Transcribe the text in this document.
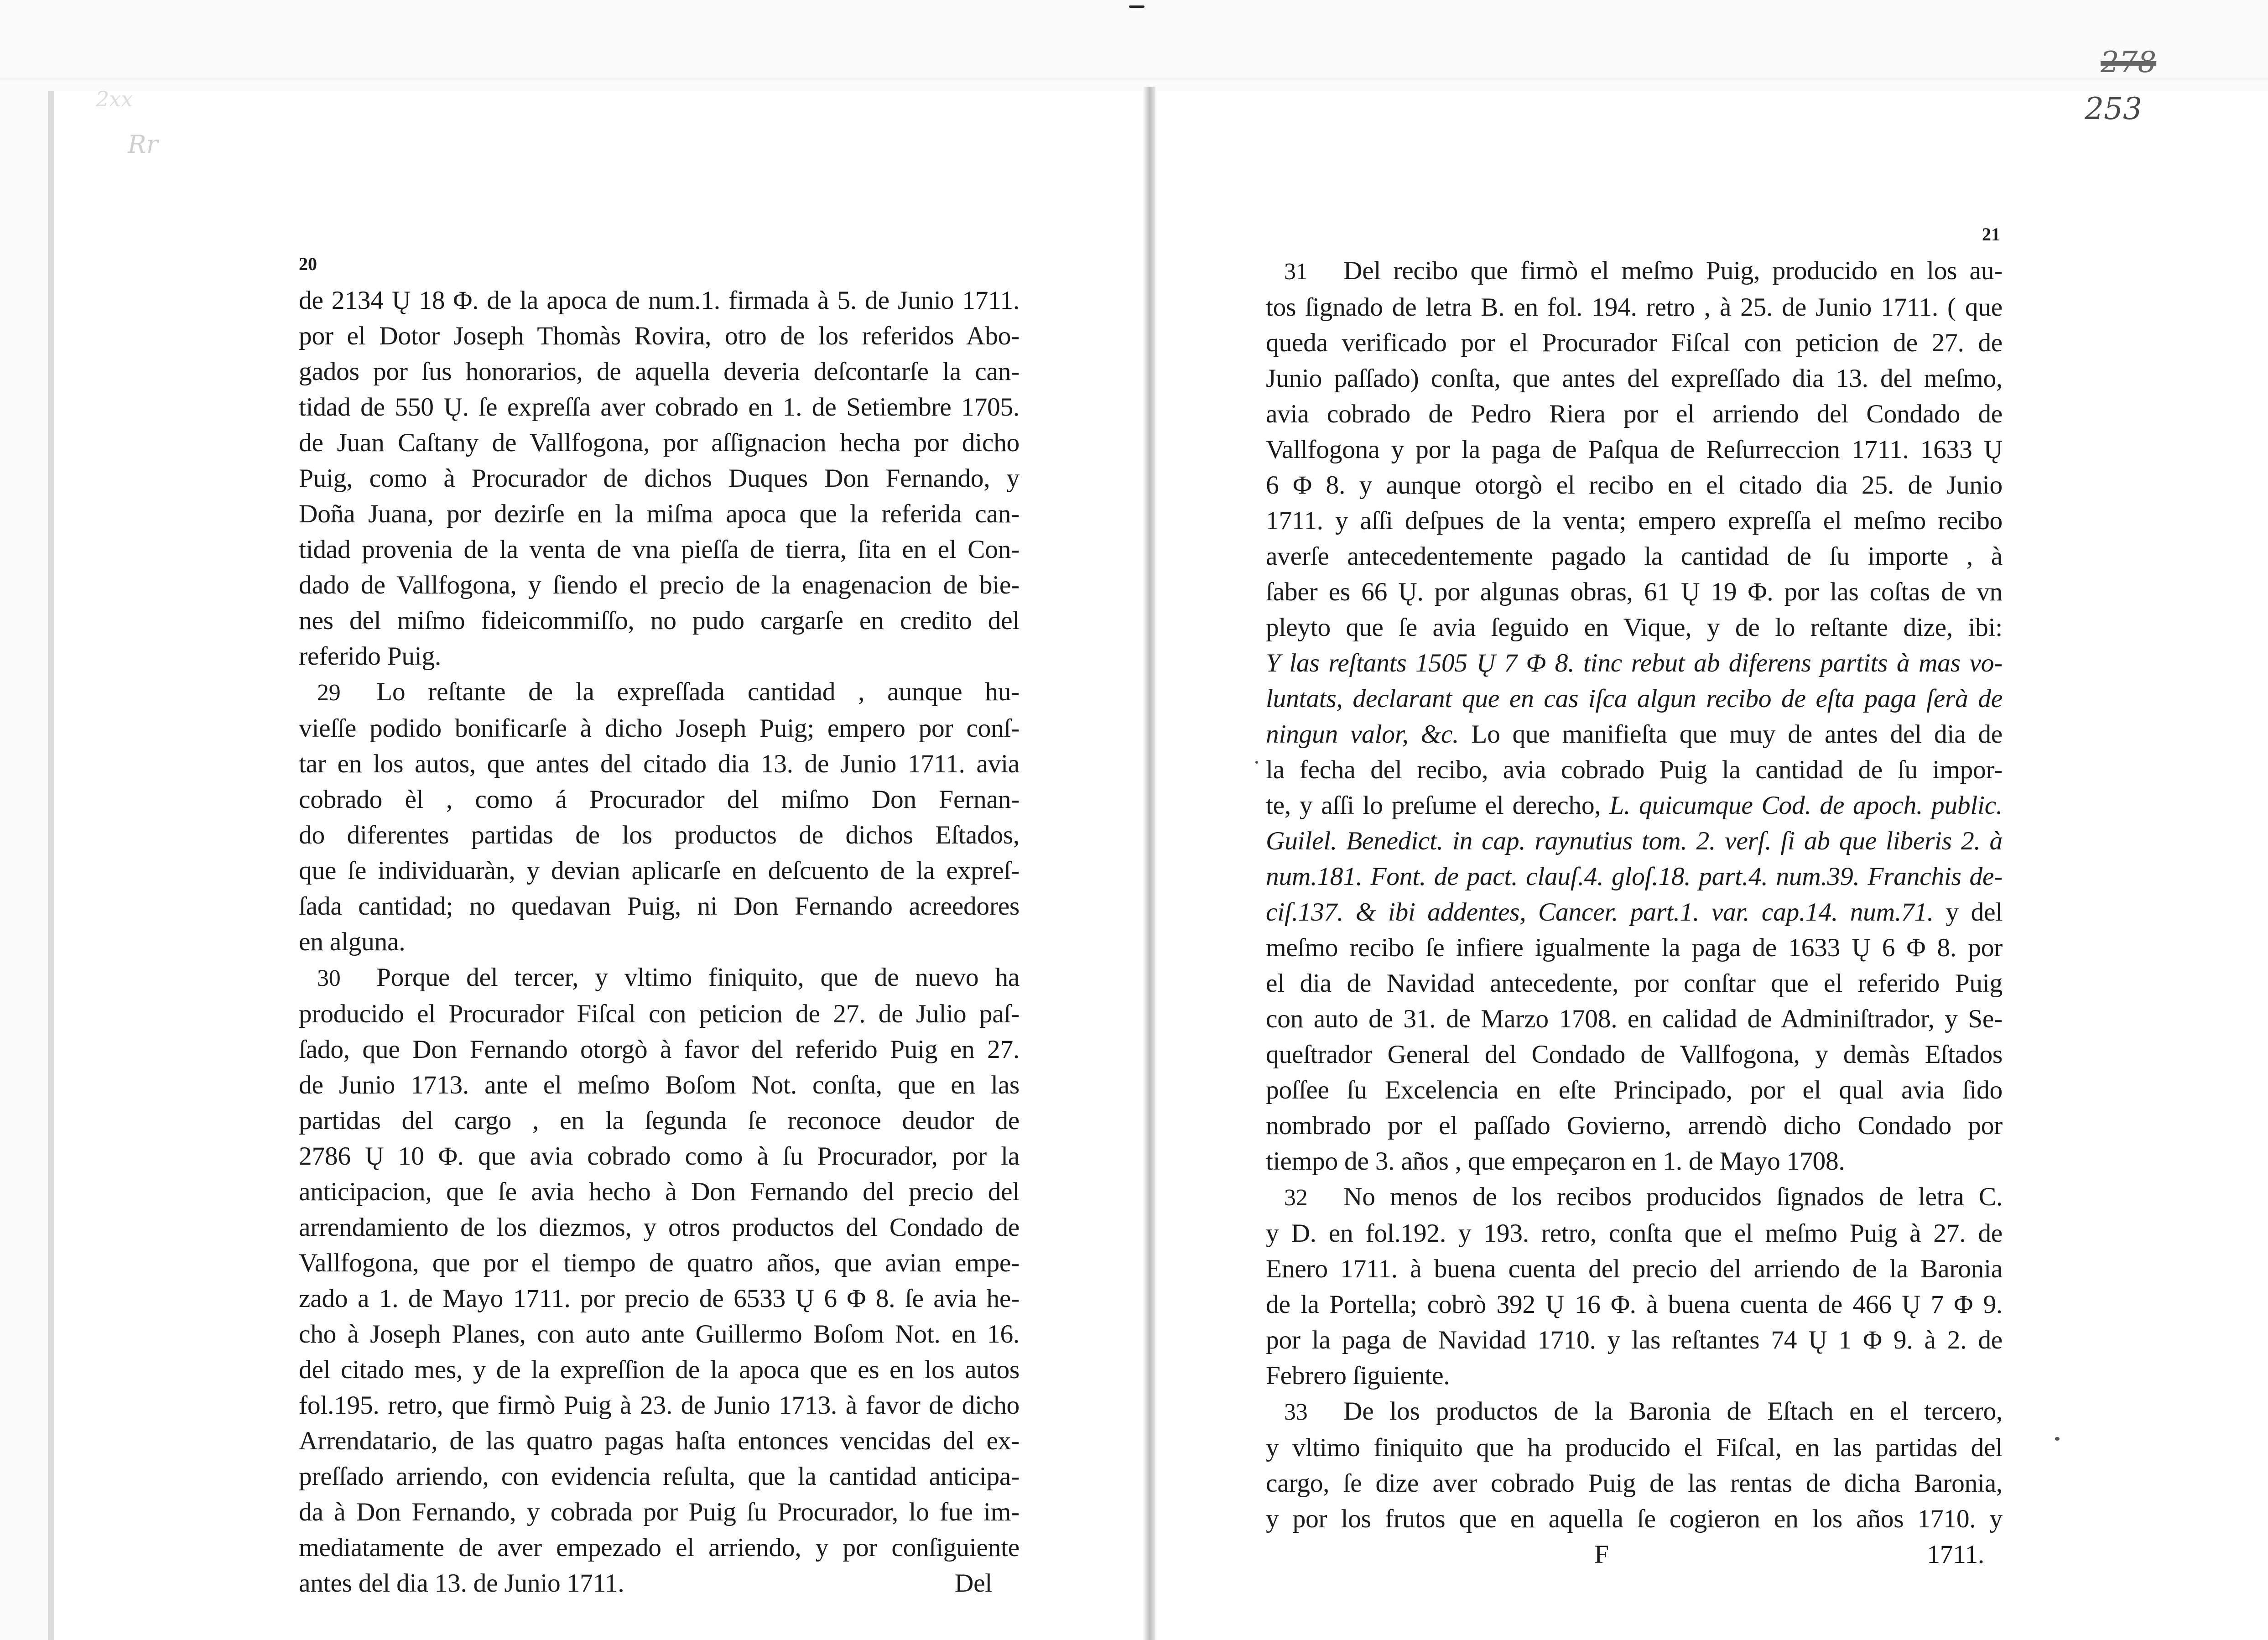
2xx
Rr
278
253
20
21
de 2134 Ų 18 Φ. de la apoca de num.1. firmada à 5. de Junio 1711.
por el Dotor Joseph Thomàs Rovira, otro de los referidos Abo-
gados por ſus honorarios, de aquella deveria deſcontarſe la can-
tidad de 550 Ų. ſe expreſſa aver cobrado en 1. de Setiembre 1705.
de Juan Caſtany de Vallfogona, por aſſignacion hecha por dicho
Puig, como à Procurador de dichos Duques Don Fernando, y
Doña Juana, por dezirſe en la miſma apoca que la referida can-
tidad provenia de la venta de vna pieſſa de tierra, ſita en el Con-
dado de Vallfogona, y ſiendo el precio de la enagenacion de bie-
nes del miſmo fideicommiſſo, no pudo cargarſe en credito del
referido Puig.
29 Lo reſtante de la expreſſada cantidad , aunque hu-
vieſſe podido bonificarſe à dicho Joseph Puig; empero por conſ-
tar en los autos, que antes del citado dia 13. de Junio 1711. avia
cobrado èl , como á Procurador del miſmo Don Fernan-
do diferentes partidas de los productos de dichos Eſtados,
que ſe individuaràn, y devian aplicarſe en deſcuento de la expreſ-
ſada cantidad; no quedavan Puig, ni Don Fernando acreedores
en alguna.
30 Porque del tercer, y vltimo finiquito, que de nuevo ha
producido el Procurador Fiſcal con peticion de 27. de Julio paſ-
ſado, que Don Fernando otorgò à favor del referido Puig en 27.
de Junio 1713. ante el meſmo Boſom Not. conſta, que en las
partidas del cargo , en la ſegunda ſe reconoce deudor de
2786 Ų 10 Φ. que avia cobrado como à ſu Procurador, por la
anticipacion, que ſe avia hecho à Don Fernando del precio del
arrendamiento de los diezmos, y otros productos del Condado de
Vallfogona, que por el tiempo de quatro años, que avian empe-
zado a 1. de Mayo 1711. por precio de 6533 Ų 6 Φ 8. ſe avia he-
cho à Joseph Planes, con auto ante Guillermo Boſom Not. en 16.
del citado mes, y de la expreſſion de la apoca que es en los autos
fol.195. retro, que firmò Puig à 23. de Junio 1713. à favor de dicho
Arrendatario, de las quatro pagas haſta entonces vencidas del ex-
preſſado arriendo, con evidencia reſulta, que la cantidad anticipa-
da à Don Fernando, y cobrada por Puig ſu Procurador, lo fue im-
mediatamente de aver empezado el arriendo, y por conſiguiente
antes del dia 13. de Junio 1711.	Del
31 Del recibo que firmò el meſmo Puig, producido en los au-
tos ſignado de letra B. en fol. 194. retro , à 25. de Junio 1711. ( que
queda verificado por el Procurador Fiſcal con peticion de 27. de
Junio paſſado) conſta, que antes del expreſſado dia 13. del meſmo,
avia cobrado de Pedro Riera por el arriendo del Condado de
Vallfogona y por la paga de Paſqua de Reſurreccion 1711. 1633 Ų
6 Φ 8. y aunque otorgò el recibo en el citado dia 25. de Junio
1711. y aſſi deſpues de la venta; empero expreſſa el meſmo recibo
averſe antecedentemente pagado la cantidad de ſu importe , à
ſaber es 66 Ų. por algunas obras, 61 Ų 19 Φ. por las coſtas de vn
pleyto que ſe avia ſeguido en Vique, y de lo reſtante dize, ibi:
Y las reſtants 1505 Ų 7 Φ 8. tinc rebut ab diferens partits à mas vo-
luntats, declarant que en cas iſca algun recibo de eſta paga ſerà de
ningun valor, &c. Lo que manifieſta que muy de antes del dia de
la fecha del recibo, avia cobrado Puig la cantidad de ſu impor-
te, y aſſi lo preſume el derecho, L. quicumque Cod. de apoch. public.
Guilel. Benedict. in cap. raynutius tom. 2. verſ. ſi ab que liberis 2. à
num.181. Font. de pact. clauſ.4. gloſ.18. part.4. num.39. Franchis de-
ciſ.137. & ibi addentes, Cancer. part.1. var. cap.14. num.71. y del
meſmo recibo ſe infiere igualmente la paga de 1633 Ų 6 Φ 8. por
el dia de Navidad antecedente, por conſtar que el referido Puig
con auto de 31. de Marzo 1708. en calidad de Adminiſtrador, y Se-
queſtrador General del Condado de Vallfogona, y demàs Eſtados
poſſee ſu Excelencia en eſte Principado, por el qual avia ſido
nombrado por el paſſado Govierno, arrendò dicho Condado por
tiempo de 3. años , que empeçaron en 1. de Mayo 1708.
32 No menos de los recibos producidos ſignados de letra C.
y D. en fol.192. y 193. retro, conſta que el meſmo Puig à 27. de
Enero 1711. à buena cuenta del precio del arriendo de la Baronia
de la Portella; cobrò 392 Ų 16 Φ. à buena cuenta de 466 Ų 7 Φ 9.
por la paga de Navidad 1710. y las reſtantes 74 Ų 1 Φ 9. à 2. de
Febrero ſiguiente.
33 De los productos de la Baronia de Eſtach en el tercero,
y vltimo finiquito que ha producido el Fiſcal, en las partidas del
cargo, ſe dize aver cobrado Puig de las rentas de dicha Baronia,
y por los frutos que en aquella ſe cogieron en los años 1710. y
F	1711.
